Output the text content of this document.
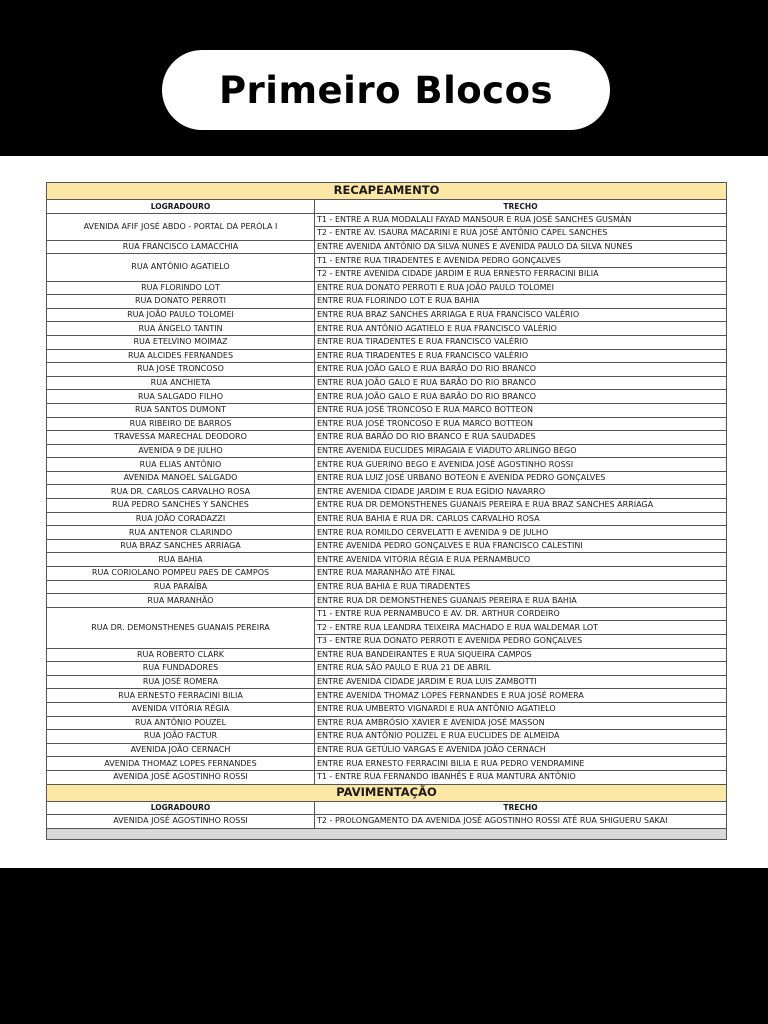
Primeiro Blocos
RECAPEAMENTO	
LOGRADOURO	TRECHO
AVENIDA AFIF JOSÉ ABDO - PORTAL DA PERÓLA I	T1 - ENTRE A RUA MODALALI FAYAD MANSOUR E RUA JOSÉ SANCHES GUSMÁN
	T2 - ENTRE AV. ISAURA MACARINI E RUA JOSÉ ANTÔNIO CAPEL SANCHES
RUA FRANCISCO LAMACCHIA	ENTRE AVENIDA ANTÔNIO DA SILVA NUNES E AVENIDA PAULO DA SILVA NUNES
RUA ANTÔNIO AGATIELO	T1 - ENTRE RUA TIRADENTES E AVENIDA PEDRO GONÇALVES
	T2 - ENTRE AVENIDA CIDADE JARDIM E RUA ERNESTO FERRACINI BILIA
RUA FLORINDO LOT	ENTRE RUA DONATO PERROTI E RUA JOÃO PAULO TOLOMEI
RUA DONATO PERROTI	ENTRE RUA FLORINDO LOT E RUA BAHIA
RUA JOÃO PAULO TOLOMEI	ENTRE RUA BRAZ SANCHES ARRIAGA E RUA FRANCISCO VALÉRIO
RUA ÂNGELO TANTIN	ENTRE RUA ANTÔNIO AGATIELO E RUA FRANCISCO VALÉRIO
RUA ETELVINO MOIMAZ	ENTRE RUA TIRADENTES E RUA FRANCISCO VALÉRIO
RUA ALCIDES FERNANDES	ENTRE RUA TIRADENTES E RUA FRANCISCO VALÉRIO
RUA JOSÉ TRONCOSO	ENTRE RUA JOÃO GALO E RUA BARÃO DO RIO BRANCO
RUA ANCHIETA	ENTRE RUA JOÃO GALO E RUA BARÃO DO RIO BRANCO
RUA SALGADO FILHO	ENTRE RUA JOÃO GALO E RUA BARÃO DO RIO BRANCO
RUA SANTOS DUMONT	ENTRE RUA JOSÉ TRONCOSO E RUA MARCO BOTTEON
RUA RIBEIRO DE BARROS	ENTRE RUA JOSÉ TRONCOSO E RUA MARCO BOTTEON
TRAVESSA MARECHAL DEODORO	ENTRE RUA BARÃO DO RIO BRANCO E RUA SAUDADES
AVENIDA 9 DE JULHO	ENTRE AVENIDA EUCLIDES MIRAGAIA E VIADUTO ARLINGO BEGO
RUA ELIAS ANTÔNIO	ENTRE RUA GUERINO BEGO E AVENIDA JOSÉ AGOSTINHO ROSSI
AVENIDA MANOEL SALGADO	ENTRE RUA LUIZ JOSÉ URBANO BOTEON E AVENIDA PEDRO GONÇALVES
RUA DR. CARLOS CARVALHO ROSA	ENTRE AVENIDA CIDADE JARDIM E RUA EGÍDIO NAVARRO
RUA PEDRO SANCHES Y SANCHES	ENTRE RUA DR DEMONSTHENES GUANAIS PEREIRA E RUA BRAZ SANCHES ARRIAGA
RUA JOÃO CORADAZZI	ENTRE RUA BAHIA E RUA DR. CARLOS CARVALHO ROSA
RUA ANTENOR CLARINDO	ENTRE RUA ROMILDO CERVELATTI E AVENIDA 9 DE JULHO
RUA BRAZ SANCHES ARRIAGA	ENTRE AVENIDA PEDRO GONÇALVES E RUA FRANCISCO CALESTINI
RUA BAHIA	ENTRE AVENIDA VITÓRIA RÉGIA E RUA PERNAMBUCO
RUA CORIOLANO POMPEU PAES DE CAMPOS	ENTRE RUA MARANHÃO ATÉ FINAL
RUA PARAÍBA	ENTRE RUA BAHIA E RUA TIRADENTES
RUA MARANHÃO	ENTRE RUA DR DEMONSTHENES GUANAIS PEREIRA E RUA BAHIA
RUA DR. DEMONSTHENES GUANAIS PEREIRA	T1 - ENTRE RUA PERNAMBUCO E AV. DR. ARTHUR CORDEIRO
	T2 - ENTRE RUA LEANDRA TEIXEIRA MACHADO E RUA WALDEMAR LOT
	T3 - ENTRE RUA DONATO PERROTI E AVENIDA PEDRO GONÇALVES
RUA ROBERTO CLARK	ENTRE RUA BANDEIRANTES E RUA SIQUEIRA CAMPOS
RUA FUNDADORES	ENTRE RUA SÃO PAULO E RUA 21 DE ABRIL
RUA JOSÉ ROMERA	ENTRE AVENIDA CIDADE JARDIM E RUA LUIS ZAMBOTTI
RUA ERNESTO FERRACINI BILIA	ENTRE AVENIDA THOMAZ LOPES FERNANDES E RUA JOSÉ ROMERA
AVENIDA VITÓRIA RÉGIA	ENTRE RUA UMBERTO VIGNARDI E RUA ANTÔNIO AGATIELO
RUA ANTÔNIO POUZEL	ENTRE RUA AMBRÓSIO XAVIER E AVENIDA JOSÉ MASSON
RUA JOÃO FACTUR	ENTRE RUA ANTÔNIO POLIZEL E RUA EUCLIDES DE ALMEIDA
AVENIDA JOÃO CERNACH	ENTRE RUA GETÚLIO VARGAS E AVENIDA JOÃO CERNACH
AVENIDA THOMAZ LOPES FERNANDES	ENTRE RUA ERNESTO FERRACINI BILIA E RUA PEDRO VENDRAMINE
AVENIDA JOSÉ AGOSTINHO ROSSI	T1 - ENTRE RUA FERNANDO IBANHÊS E RUA MANTURA ANTÔNIO
PAVIMENTAÇÃO	
LOGRADOURO	TRECHO
AVENIDA JOSÉ AGOSTINHO ROSSI	T2 - PROLONGAMENTO DA AVENIDA JOSÉ AGOSTINHO ROSSI ATÉ RUA SHIGUERU SAKAI
